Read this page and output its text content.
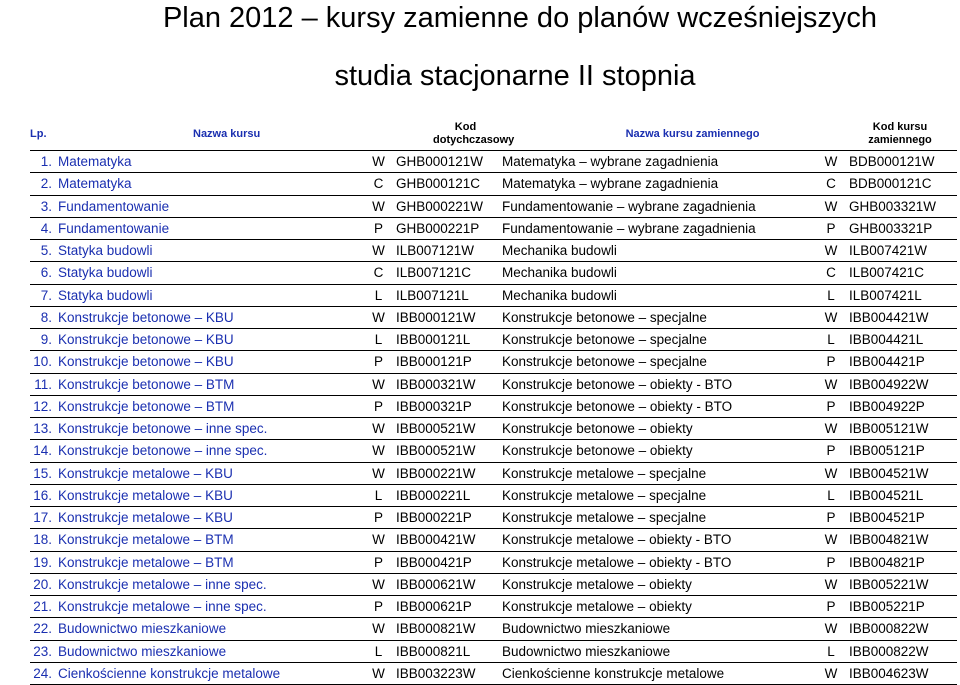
Plan 2012 – kursy zamienne do planów wcześniejszych
studia stacjonarne II stopnia
Lp.	Nazwa kursu	Kod dotychczasowy		Nazwa kursu zamiennego		Kod kursu zamiennego
1.	Matematyka	W	GHB000121W	Matematyka – wybrane zagadnienia	W	BDB000121W
2.	Matematyka	C	GHB000121C	Matematyka – wybrane zagadnienia	C	BDB000121C
3.	Fundamentowanie	W	GHB000221W	Fundamentowanie – wybrane zagadnienia	W	GHB003321W
4.	Fundamentowanie	P	GHB000221P	Fundamentowanie – wybrane zagadnienia	P	GHB003321P
5.	Statyka budowli	W	ILB007121W	Mechanika budowli	W	ILB007421W
6.	Statyka budowli	C	ILB007121C	Mechanika budowli	C	ILB007421C
7.	Statyka budowli	L	ILB007121L	Mechanika budowli	L	ILB007421L
8.	Konstrukcje betonowe – KBU	W	IBB000121W	Konstrukcje betonowe – specjalne	W	IBB004421W
9.	Konstrukcje betonowe – KBU	L	IBB000121L	Konstrukcje betonowe – specjalne	L	IBB004421L
10.	Konstrukcje betonowe – KBU	P	IBB000121P	Konstrukcje betonowe – specjalne	P	IBB004421P
11.	Konstrukcje betonowe – BTM	W	IBB000321W	Konstrukcje betonowe – obiekty - BTO	W	IBB004922W
12.	Konstrukcje betonowe – BTM	P	IBB000321P	Konstrukcje betonowe – obiekty - BTO	P	IBB004922P
13.	Konstrukcje betonowe – inne spec.	W	IBB000521W	Konstrukcje betonowe – obiekty	W	IBB005121W
14.	Konstrukcje betonowe – inne spec.	W	IBB000521W	Konstrukcje betonowe – obiekty	P	IBB005121P
15.	Konstrukcje metalowe – KBU	W	IBB000221W	Konstrukcje metalowe – specjalne	W	IBB004521W
16.	Konstrukcje metalowe – KBU	L	IBB000221L	Konstrukcje metalowe – specjalne	L	IBB004521L
17.	Konstrukcje metalowe – KBU	P	IBB000221P	Konstrukcje metalowe – specjalne	P	IBB004521P
18.	Konstrukcje metalowe – BTM	W	IBB000421W	Konstrukcje metalowe – obiekty - BTO	W	IBB004821W
19.	Konstrukcje metalowe – BTM	P	IBB000421P	Konstrukcje metalowe – obiekty - BTO	P	IBB004821P
20.	Konstrukcje metalowe – inne spec.	W	IBB000621W	Konstrukcje metalowe – obiekty	W	IBB005221W
21.	Konstrukcje metalowe – inne spec.	P	IBB000621P	Konstrukcje metalowe – obiekty	P	IBB005221P
22.	Budownictwo mieszkaniowe	W	IBB000821W	Budownictwo mieszkaniowe	W	IBB000822W
23.	Budownictwo mieszkaniowe	L	IBB000821L	Budownictwo mieszkaniowe	L	IBB000822W
24.	Cienkościenne konstrukcje metalowe	W	IBB003223W	Cienkościenne konstrukcje metalowe	W	IBB004623W
